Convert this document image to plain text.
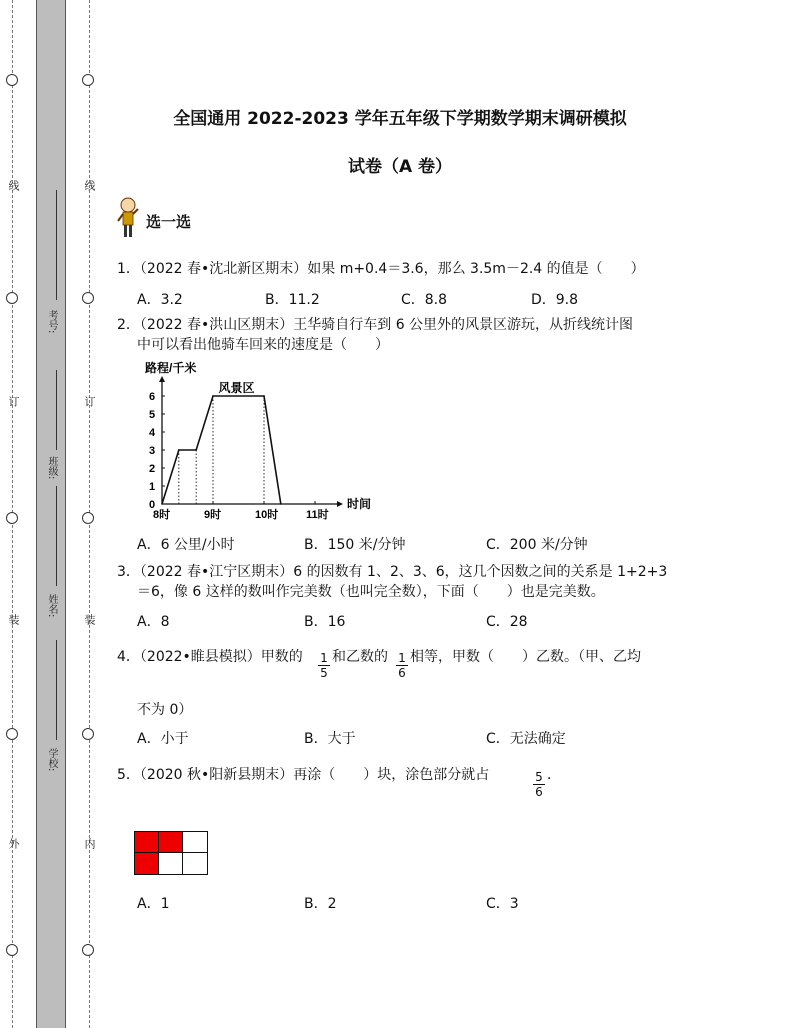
线
订
装
外
线
订
装
内
考号:
班级:
姓名:
学校:
全国通用 2022-2023 学年五年级下学期数学期末调研模拟
试卷（A 卷）
选一选
1．（2022 春•沈北新区期末）如果 m+0.4＝3.6，那么 3.5m－2.4 的值是（　　）
A．3.2	B．11.2	C．8.8	D．9.8
2．（2022 春•洪山区期末）王华骑自行车到 6 公里外的风景区游玩，从折线统计图
中可以看出他骑车回来的速度是（　　）
路程/千米
时间
0
1
2
3
4
5
6
8时	9时	10时	11时
风景区
A．6 公里/小时	B．150 米/分钟	C．200 米/分钟
3．（2022 春•江宁区期末）6 的因数有 1、2、3、6，这几个因数之间的关系是 1+2+3
＝6，像 6 这样的数叫作完美数（也叫完全数），下面（　　）也是完美数。
A．8	B．16	C．28
4．（2022•睢县模拟）甲数的 $\frac{1}{5}$ 和乙数的 $\frac{1}{6}$ 相等，甲数（　　）乙数。（甲、乙均
不为 0）
A．小于	B．大于	C．无法确定
5．（2020 秋•阳新县期末）再涂（　　）块，涂色部分就占	$\frac{5}{6}$ ．
A．1	B．2	C．3
